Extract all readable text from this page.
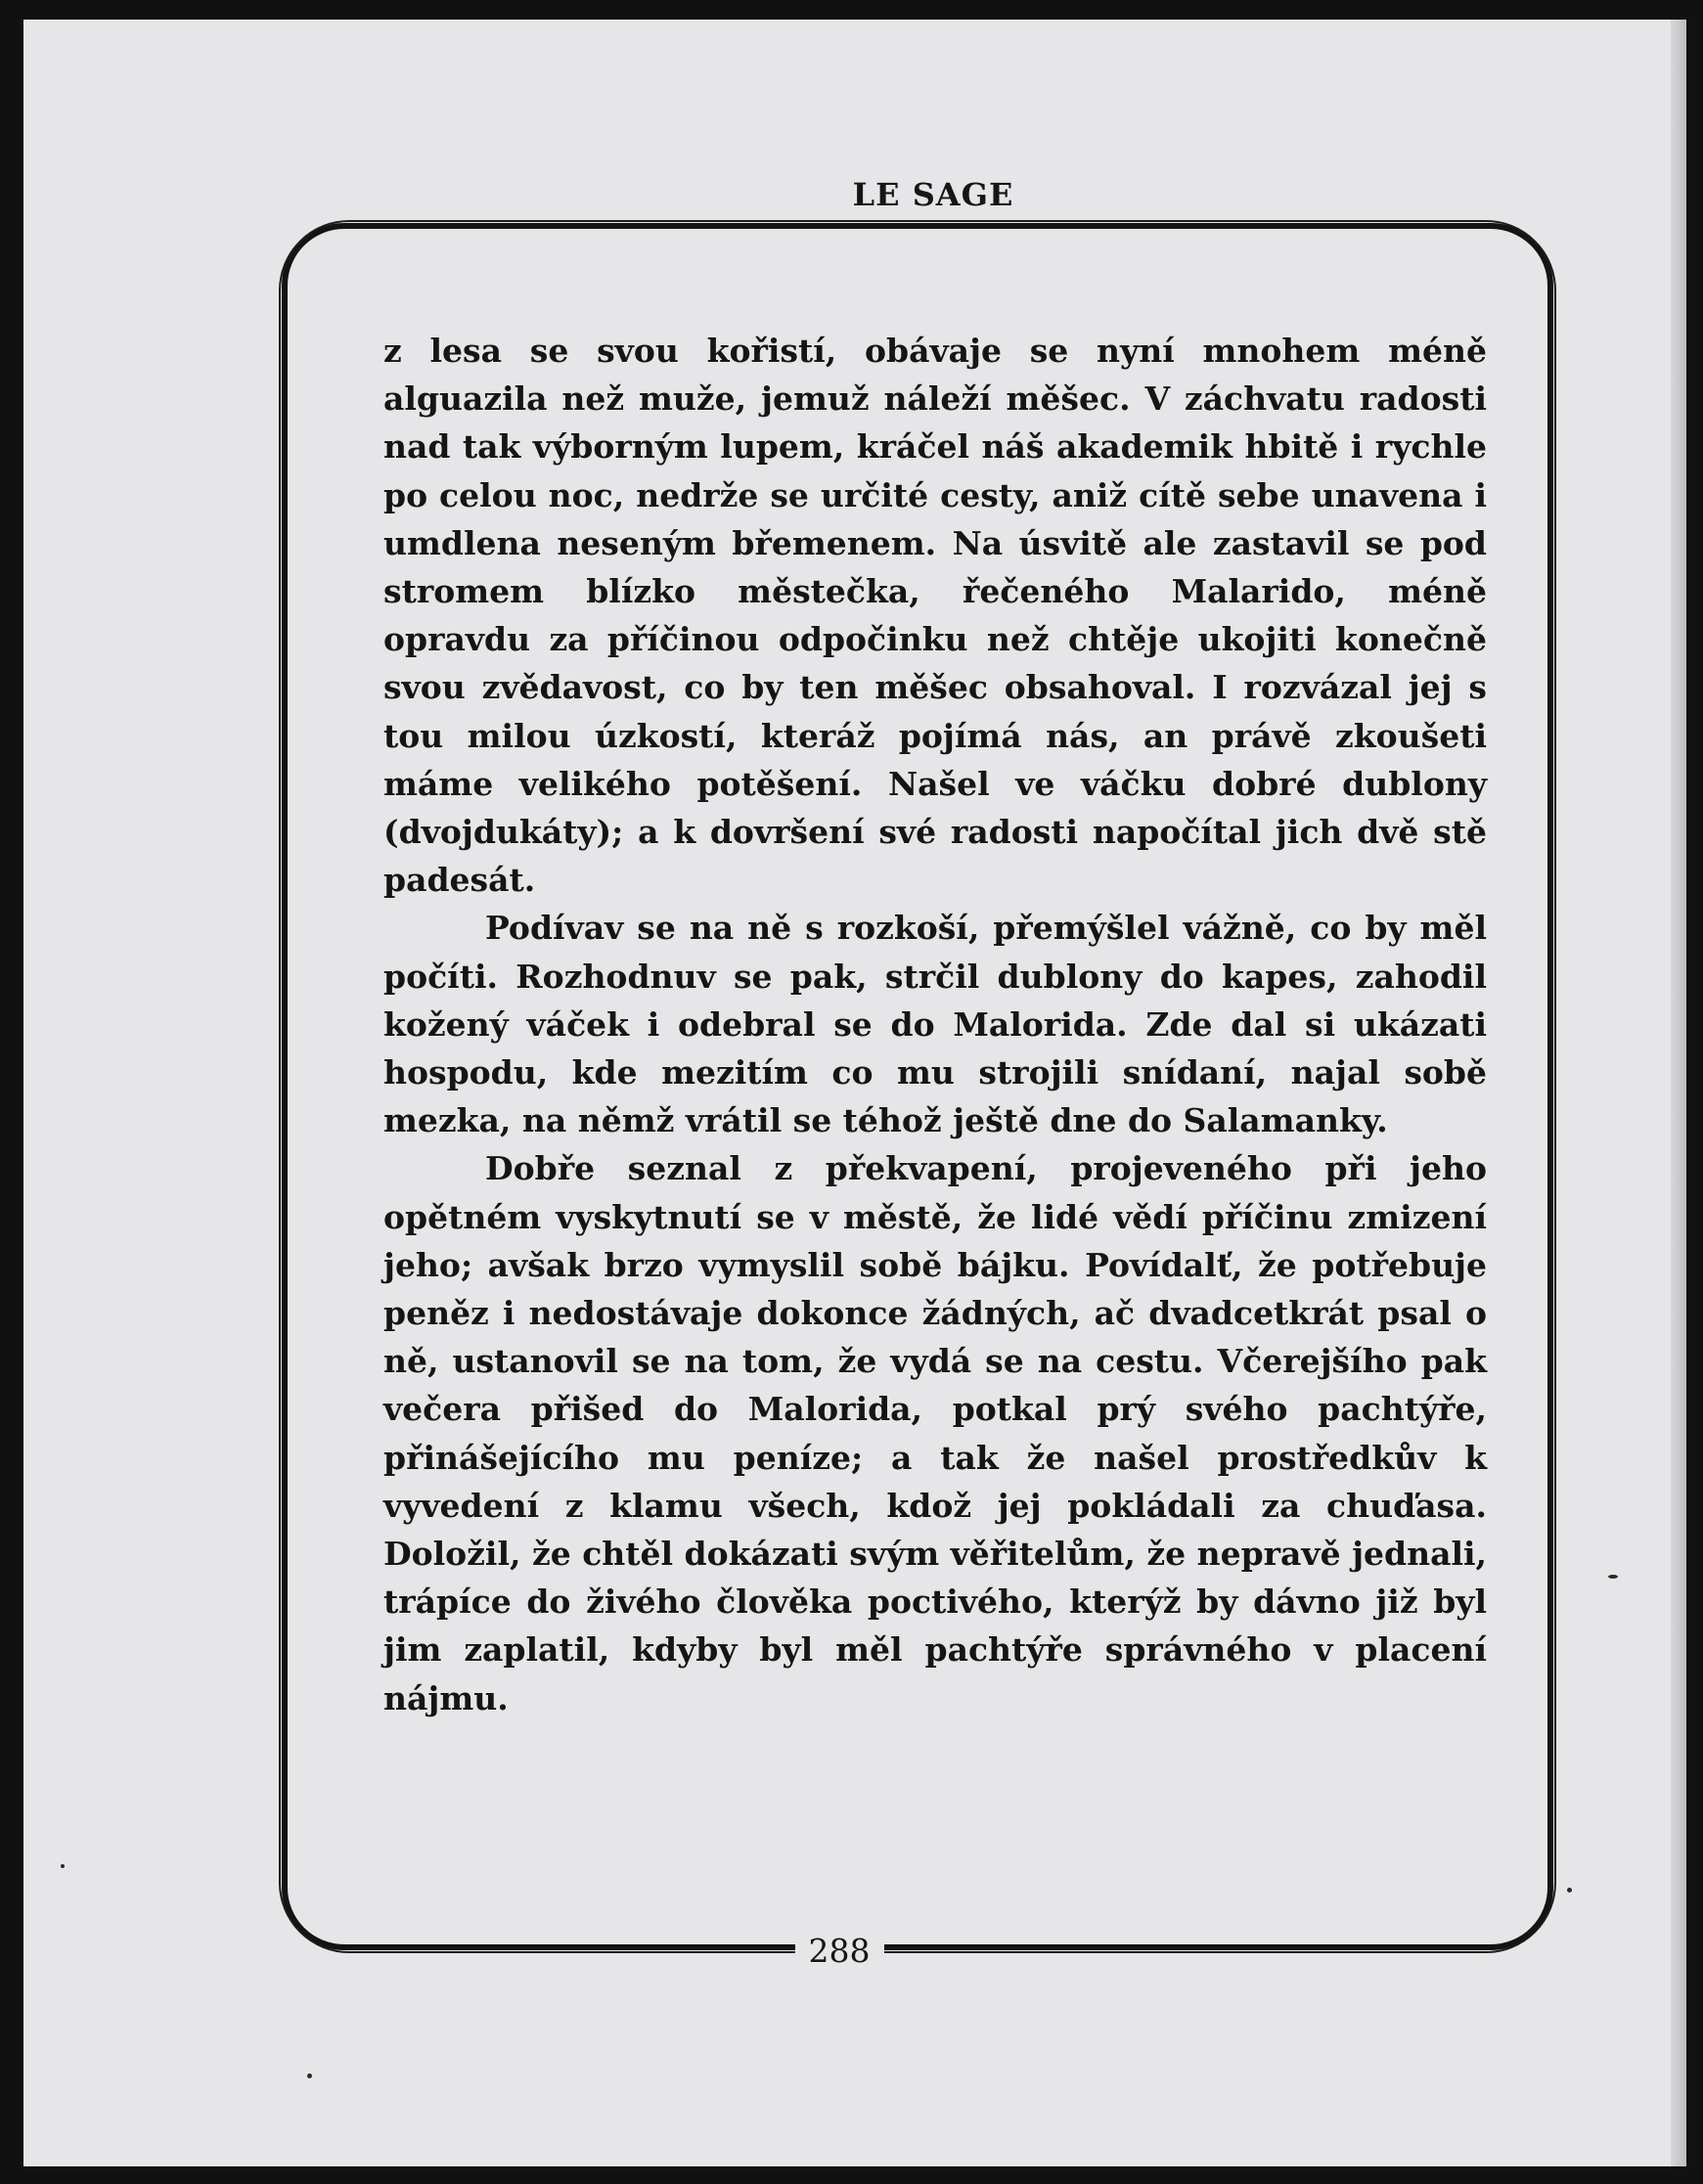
LE SAGE

z lesa se svou kořistí, obávaje se nyní mnohem méně alguazila než muže, jemuž náleží měšec. V záchvatu radosti nad tak výborným lupem, kráčel náš akademik hbitě i rychle po celou noc, nedrže se určité cesty, aniž cítě sebe unavena i umdlena neseným břemenem. Na úsvitě ale zastavil se pod stromem blízko městečka, řečeného Malarido, méně opravdu za příčinou odpočinku než chtěje ukojiti konečně svou zvědavost, co by ten měšec obsahoval. I rozvázal jej s tou milou úzkostí, kteráž pojímá nás, an právě zkoušeti máme velikého potěšení. Našel ve váčku dobré dublony (dvojdukáty); a k dovršení své radosti napočítal jich dvě stě padesát.

Podívav se na ně s rozkoší, přemýšlel vážně, co by měl počíti. Rozhodnuv se pak, strčil dublony do kapes, zahodil kožený váček i odebral se do Malorida. Zde dal si ukázati hospodu, kde mezitím co mu strojili snídaní, najal sobě mezka, na němž vrátil se téhož ještě dne do Salamanky.

Dobře seznal z překvapení, projeveného při jeho opětném vyskytnutí se v městě, že lidé vědí příčinu zmizení jeho; avšak brzo vymyslil sobě bájku. Povídalť, že potřebuje peněz i nedostávaje dokonce žádných, ač dvadcetkrát psal o ně, ustanovil se na tom, že vydá se na cestu. Včerejšího pak večera přišed do Malorida, potkal prý svého pachtýře, přinášejícího mu peníze; a tak že našel prostředkův k vyvedení z klamu všech, kdož jej pokládali za chuďasa. Doložil, že chtěl dokázati svým věřitelům, že nepravě jednali, trápíce do živého člověka poctivého, kterýž by dávno již byl jim zaplatil, kdyby byl měl pachtýře správného v placení nájmu.

288
